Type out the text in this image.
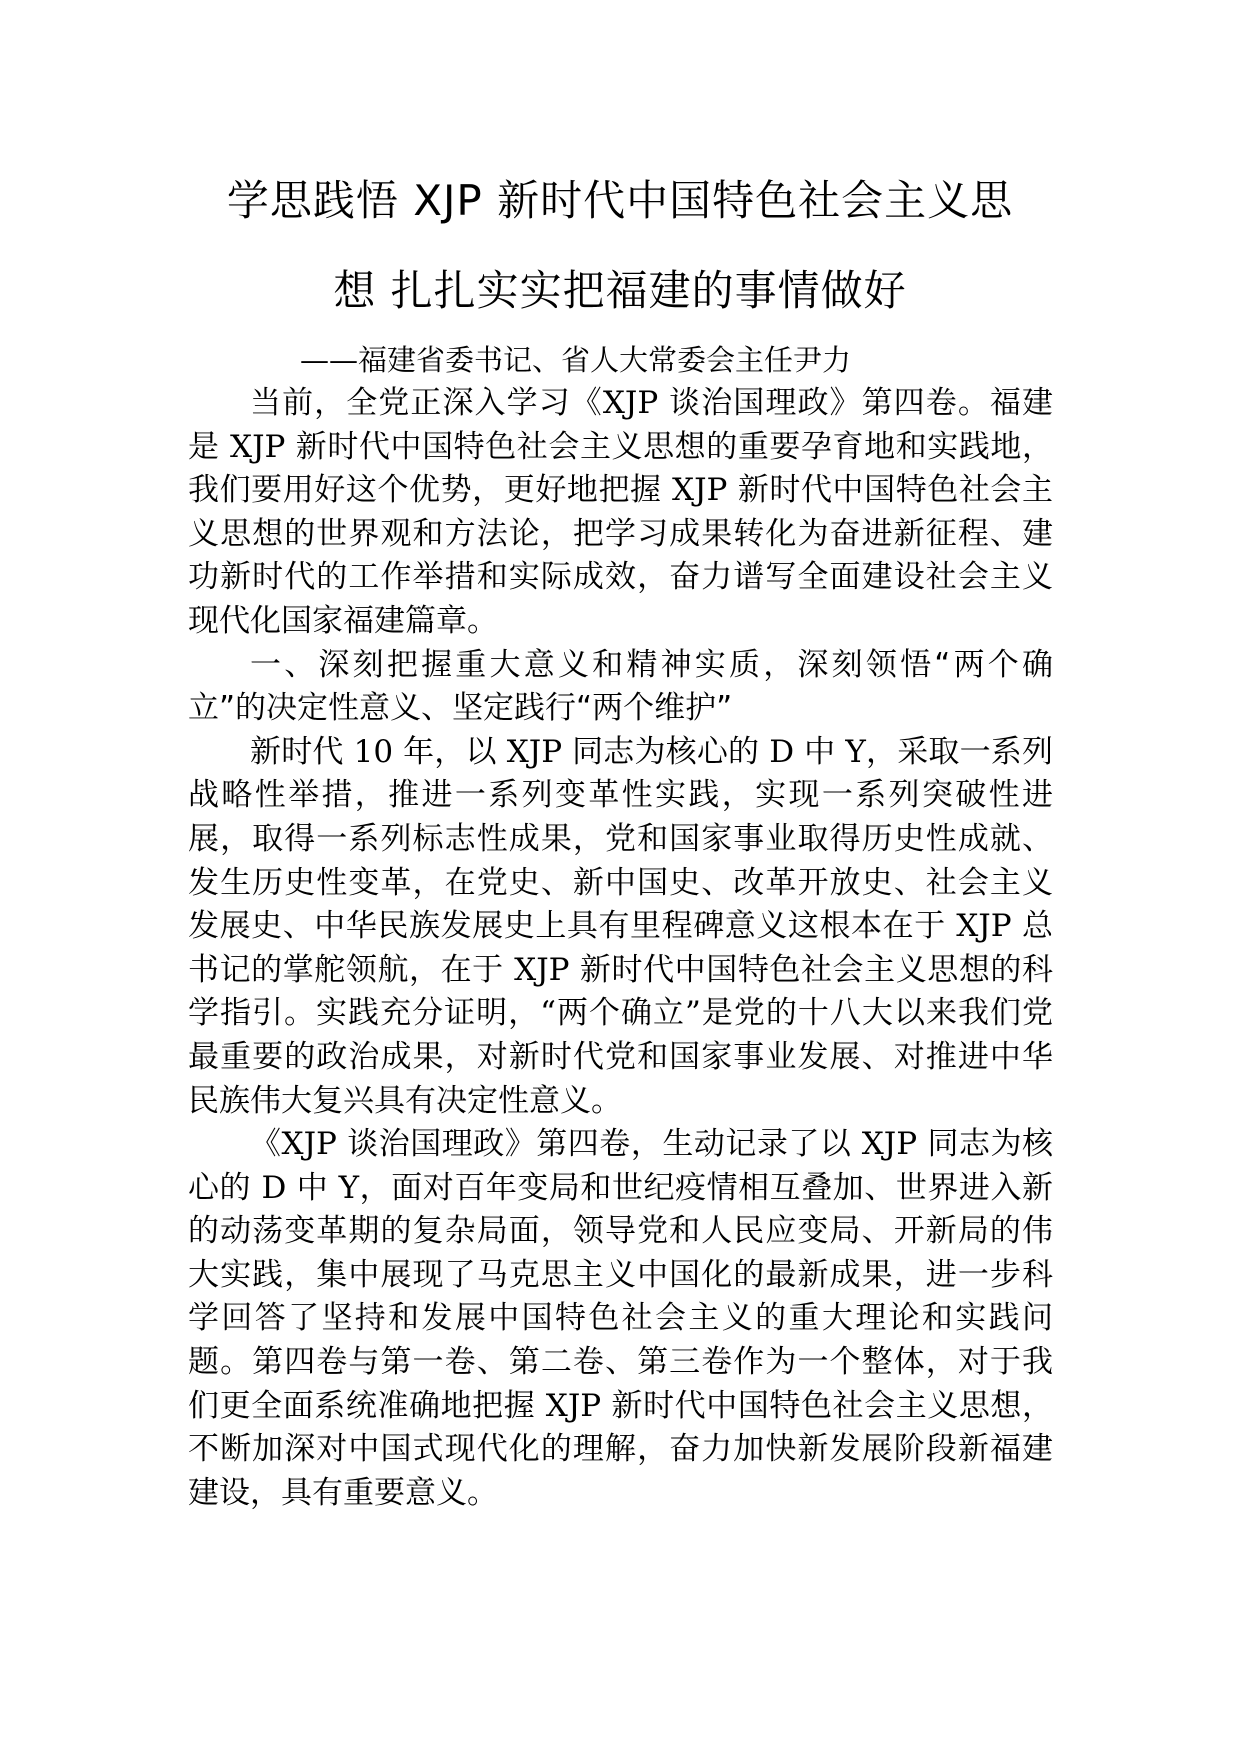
学思践悟 XJP 新时代中国特色社会主义思
想 扎扎实实把福建的事情做好
——福建省委书记、省人大常委会主任尹力

当前，全党正深入学习《XJP 谈治国理政》第四卷。福建是 XJP 新时代中国特色社会主义思想的重要孕育地和实践地，我们要用好这个优势，更好地把握 XJP 新时代中国特色社会主义思想的世界观和方法论，把学习成果转化为奋进新征程、建功新时代的工作举措和实际成效，奋力谱写全面建设社会主义现代化国家福建篇章。

一、深刻把握重大意义和精神实质，深刻领悟“两个确立”的决定性意义、坚定践行“两个维护”

新时代 10 年，以 XJP 同志为核心的 D 中 Y，采取一系列战略性举措，推进一系列变革性实践，实现一系列突破性进展，取得一系列标志性成果，党和国家事业取得历史性成就、发生历史性变革，在党史、新中国史、改革开放史、社会主义发展史、中华民族发展史上具有里程碑意义这根本在于 XJP 总书记的掌舵领航，在于 XJP 新时代中国特色社会主义思想的科学指引。实践充分证明，“两个确立”是党的十八大以来我们党最重要的政治成果，对新时代党和国家事业发展、对推进中华民族伟大复兴具有决定性意义。

《XJP 谈治国理政》第四卷，生动记录了以 XJP 同志为核心的 D 中 Y，面对百年变局和世纪疫情相互叠加、世界进入新的动荡变革期的复杂局面，领导党和人民应变局、开新局的伟大实践，集中展现了马克思主义中国化的最新成果，进一步科学回答了坚持和发展中国特色社会主义的重大理论和实践问题。第四卷与第一卷、第二卷、第三卷作为一个整体，对于我们更全面系统准确地把握 XJP 新时代中国特色社会主义思想，不断加深对中国式现代化的理解，奋力加快新发展阶段新福建建设，具有重要意义。
